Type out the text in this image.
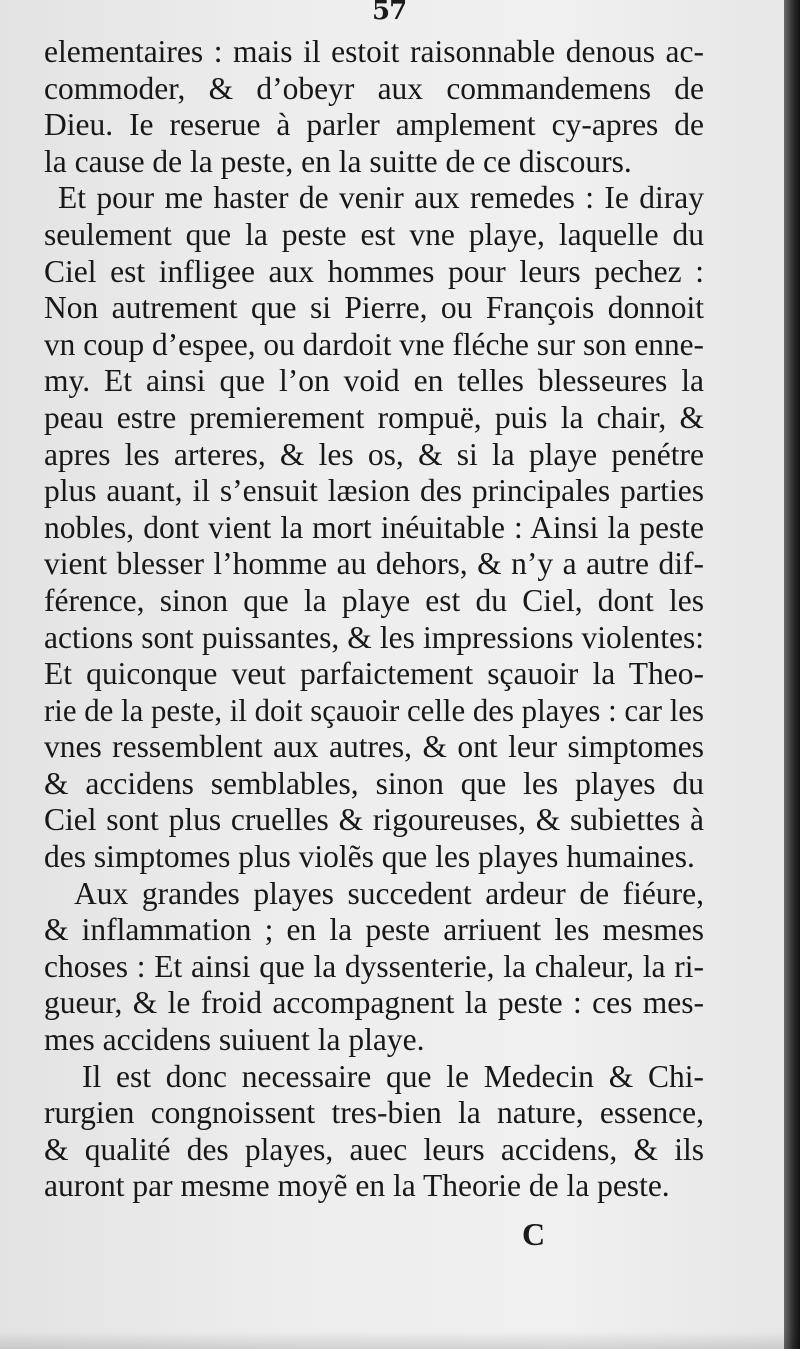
57
elementaires : mais il estoit raisonnable denous ac-
commoder, & d’obeyr aux commandemens de
Dieu. Ie reserue à parler amplement cy-apres de
la cause de la peste, en la suitte de ce discours.
Et pour me haster de venir aux remedes : Ie diray
seulement que la peste est vne playe, laquelle du
Ciel est infligee aux hommes pour leurs pechez :
Non autrement que si Pierre, ou François donnoit
vn coup d’espee, ou dardoit vne fléche sur son enne-
my. Et ainsi que l’on void en telles blesseures la
peau estre premierement rompuë, puis la chair, &
apres les arteres, & les os, & si la playe penétre
plus auant, il s’ensuit læsion des principales parties
nobles, dont vient la mort inéuitable : Ainsi la peste
vient blesser l’homme au dehors, & n’y a autre dif-
férence, sinon que la playe est du Ciel, dont les
actions sont puissantes, & les impressions violentes:
Et quiconque veut parfaictement sçauoir la Theo-
rie de la peste, il doit sçauoir celle des playes : car les
vnes ressemblent aux autres, & ont leur simptomes
& accidens semblables, sinon que les playes du
Ciel sont plus cruelles & rigoureuses, & subiettes à
des simptomes plus violẽs que les playes humaines.
Aux grandes playes succedent ardeur de fiéure,
& inflammation ; en la peste arriuent les mesmes
choses : Et ainsi que la dyssenterie, la chaleur, la ri-
gueur, & le froid accompagnent la peste : ces mes-
mes accidens suiuent la playe.
Il est donc necessaire que le Medecin & Chi-
rurgien congnoissent tres-bien la nature, essence,
& qualité des playes, auec leurs accidens, & ils
auront par mesme moyẽ en la Theorie de la peste.
C
